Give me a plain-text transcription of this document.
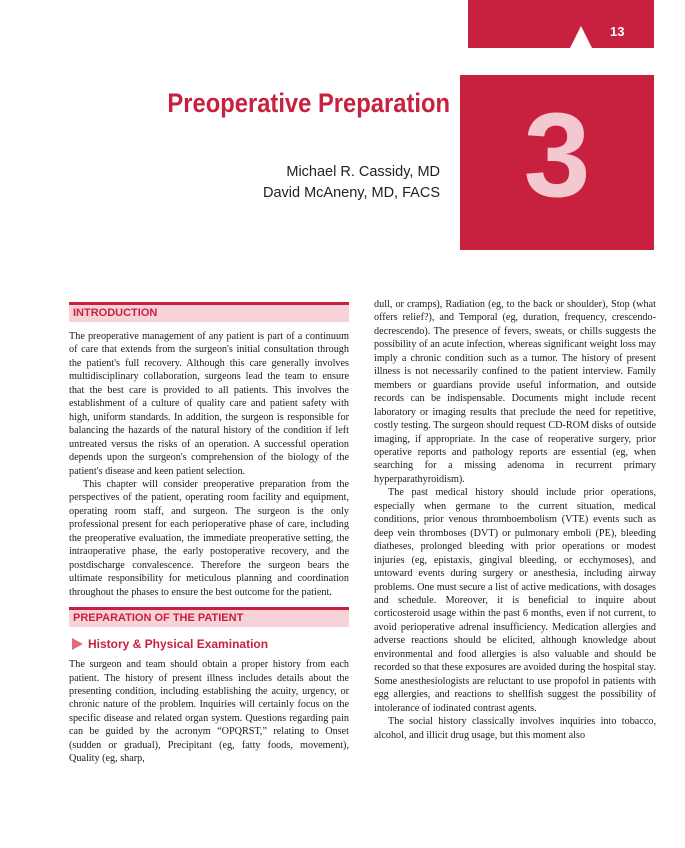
13
3
Preoperative Preparation
Michael R. Cassidy, MD
David McAneny, MD, FACS
INTRODUCTION

The preoperative management of any patient is part of a continuum of care that extends from the surgeon's initial consultation through the patient's full recovery. Although this care generally involves multidisciplinary collaboration, surgeons lead the team to ensure that the best care is provided to all patients. This involves the establishment of a culture of quality care and patient safety with high, uniform standards. In addition, the surgeon is responsible for balancing the hazards of the natural history of the condition if left untreated versus the risks of an operation. A successful operation depends upon the surgeon's comprehension of the biology of the patient's disease and keen patient selection.

This chapter will consider preoperative preparation from the perspectives of the patient, operating room facility and equipment, operating room staff, and surgeon. The surgeon is the only professional present for each perioperative phase of care, including the preoperative evaluation, the immediate preoperative setting, the intraoperative phase, the early postoperative recovery, and the postdischarge convalescence. Therefore the surgeon bears the ultimate responsibility for meticulous planning and coordination throughout the phases to ensure the best outcome for the patient.

PREPARATION OF THE PATIENT
History & Physical Examination

The surgeon and team should obtain a proper history from each patient. The history of present illness includes details about the presenting condition, including establishing the acuity, urgency, or chronic nature of the problem. Inquiries will certainly focus on the specific disease and related organ system. Questions regarding pain can be guided by the acronym “OPQRST,” relating to Onset (sudden or gradual), Precipitant (eg, fatty foods, movement), Quality (eg, sharp,

dull, or cramps), Radiation (eg, to the back or shoulder), Stop (what offers relief?), and Temporal (eg, duration, frequency, crescendo-decrescendo). The presence of fevers, sweats, or chills suggests the possibility of an acute infection, whereas significant weight loss may imply a chronic condition such as a tumor. The history of present illness is not necessarily confined to the patient interview. Family members or guardians provide useful information, and outside records can be indispensable. Documents might include recent laboratory or imaging results that preclude the need for repetitive, costly testing. The surgeon should request CD-ROM disks of outside imaging, if appropriate. In the case of reoperative surgery, prior operative reports and pathology reports are essential (eg, when searching for a missing adenoma in recurrent primary hyperparathyroidism).

The past medical history should include prior operations, especially when germane to the current situation, medical conditions, prior venous thromboembolism (VTE) events such as deep vein thromboses (DVT) or pulmonary emboli (PE), bleeding diatheses, prolonged bleeding with prior operations or modest injuries (eg, epistaxis, gingival bleeding, or ecchymoses), and untoward events during surgery or anesthesia, including airway problems. One must secure a list of active medications, with dosages and schedule. Moreover, it is beneficial to inquire about corticosteroid usage within the past 6 months, even if not current, to avoid perioperative adrenal insufficiency. Medication allergies and adverse reactions should be elicited, although knowledge about environmental and food allergies is also valuable and should be recorded so that these exposures are avoided during the hospital stay. Some anesthesiologists are reluctant to use propofol in patients with egg allergies, and reactions to shellfish suggest the possibility of intolerance of iodinated contrast agents.

The social history classically involves inquiries into tobacco, alcohol, and illicit drug usage, but this moment also
